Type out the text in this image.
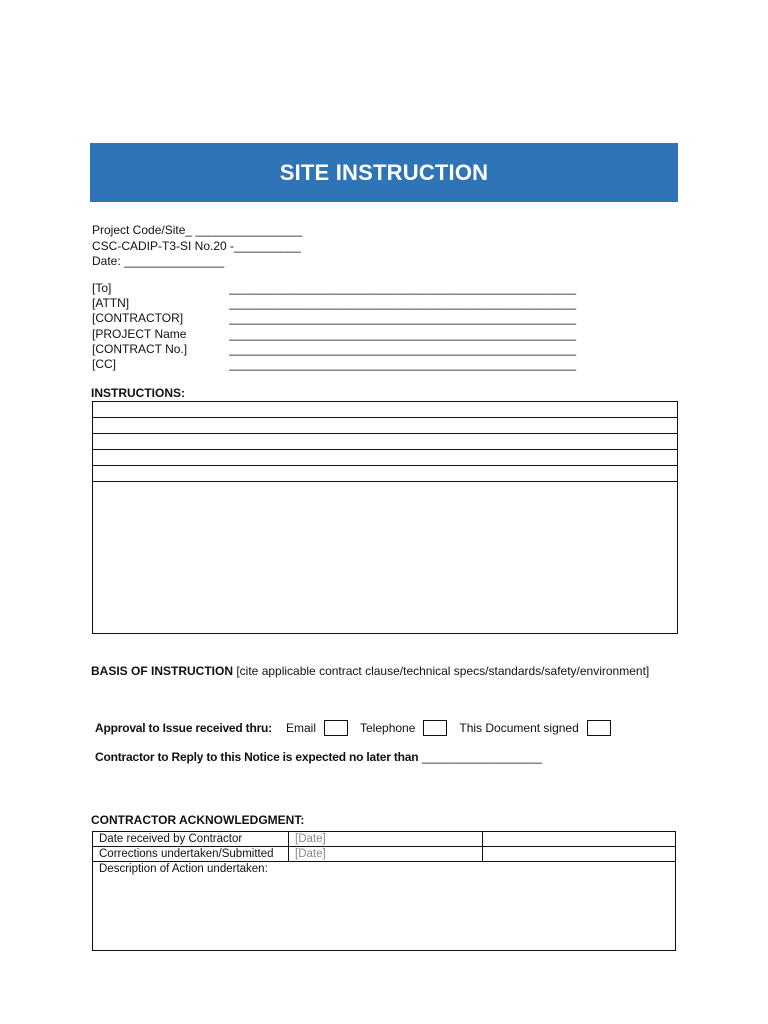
SITE INSTRUCTION
Project Code/Site_ ________________
CSC-CADIP-T3-SI No.20 -__________
Date: _______________
[To]	____________________________________________________
[ATTN]	____________________________________________________
[CONTRACTOR]	____________________________________________________
[PROJECT Name	____________________________________________________
[CONTRACT No.]	____________________________________________________
[CC]	____________________________________________________
INSTRUCTIONS:
BASIS OF INSTRUCTION [cite applicable contract clause/technical specs/standards/safety/environment]
Approval to Issue received thru: Email	Telephone	This Document signed
Contractor to Reply to this Notice is expected no later than __________________
CONTRACTOR ACKNOWLEDGMENT:
Date received by Contractor	[Date]	
Corrections undertaken/Submitted	[Date]	
Description of Action undertaken:		
